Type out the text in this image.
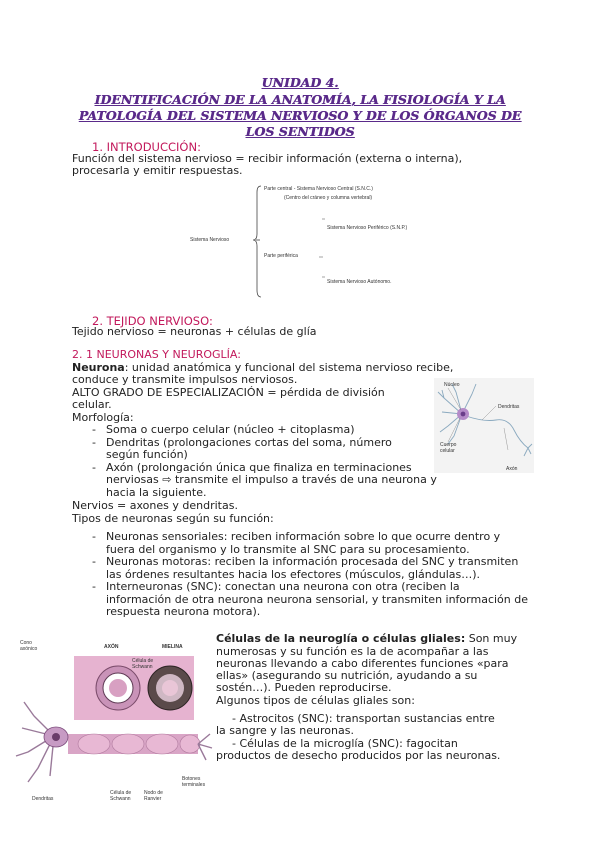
UNIDAD 4.
IDENTIFICACIÓN DE LA ANATOMÍA, LA FISIOLOGÍA Y LA
PATOLOGÍA DEL SISTEMA NERVIOSO Y DE LOS ÓRGANOS DE
LOS SENTIDOS
1. INTRODUCCIÓN:
Función del sistema nervioso = recibir información (externa o interna),
procesarla y emitir respuestas.
Sistema Nervioso
Parte central - Sistema Nervioso Central (S.N.C.)
(Centro del cráneo y columna vertebral)
Sistema Nervioso Periférico (S.N.P.)
Parte periférica
Sistema Nervioso Autónomo.
2. TEJIDO NERVIOSO:
Tejido nervioso = neuronas + células de glía
2. 1 NEURONAS Y NEUROGLÍA:
Neurona: unidad anatómica y funcional del sistema nervioso recibe,
conduce y transmite impulsos nerviosos.
ALTO GRADO DE ESPECIALIZACIÓN = pérdida de división
celular.
Morfología:
- Soma o cuerpo celular (núcleo + citoplasma)
- Dendritas (prolongaciones cortas del soma, número según función)
- Axón (prolongación única que finaliza en terminaciones nerviosas ⇨ transmite el impulso a través de una neurona y hacia la siguiente.
Nervios = axones y dendritas.
Tipos de neuronas según su función:
- Neuronas sensoriales: reciben información sobre lo que ocurre dentro y fuera del organismo y lo transmite al SNC para su procesamiento.
- Neuronas motoras: reciben la información procesada del SNC y transmiten las órdenes resultantes hacia los efectores (músculos, glándulas…).
- Interneuronas (SNC): conectan una neurona con otra (reciben la información de otra neurona neurona sensorial, y transmiten información de respuesta neurona motora).
Células de la neuroglía o células gliales: Son muy
numerosas y su función es la de acompañar a las
neuronas llevando a cabo diferentes funciones «para
ellas» (asegurando su nutrición, ayudando a su
sostén…). Pueden reproducirse.
Algunos tipos de células gliales son:
- Astrocitos (SNC): transportan sustancias entre
la sangre y las neuronas.
- Células de la microglía (SNC): fagocitan
productos de desecho producidos por las neuronas.
Núcleo
Dendritas
Cuerpo celular
Axón
Cono axónico	AXÓN	MIELINA
Célula de Schwann
Dendritas
Célula de Schwann
Nodo de Ranvier
Botones terminales
